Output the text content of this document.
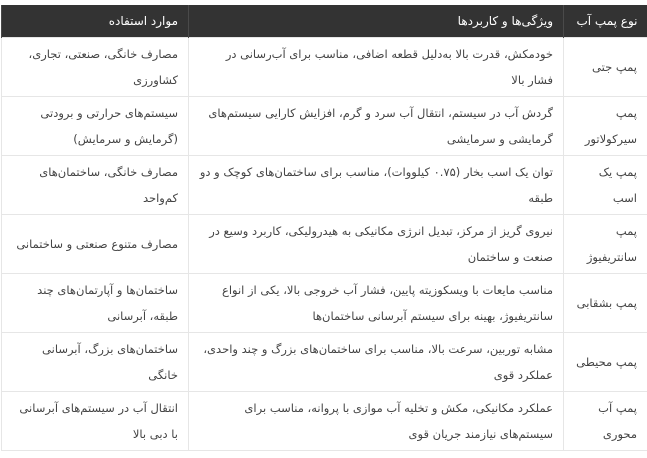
نوع پمپ آب	ویژگی‌ها و کاربردها	موارد استفاده
پمپ جتی	خودمکش، قدرت بالا به‌دلیل قطعه اضافی، مناسب برای آب‌رسانی در فشار بالا	مصارف خانگی، صنعتی، تجاری، کشاورزی
پمپ سیرکولاتور	گردش آب در سیستم، انتقال آب سرد و گرم، افزایش کارایی سیستم‌های گرمایشی و سرمایشی	سیستم‌های حرارتی و برودتی (گرمایش و سرمایش)
پمپ یک اسب	توان یک اسب بخار (۰.۷۵ کیلووات)، مناسب برای ساختمان‌های کوچک و دو طبقه	مصارف خانگی، ساختمان‌های کم‌واحد
پمپ سانتریفیوژ	نیروی گریز از مرکز، تبدیل انرژی مکانیکی به هیدرولیکی، کاربرد وسیع در صنعت و ساختمان	مصارف متنوع صنعتی و ساختمانی
پمپ بشقابی	مناسب مایعات با ویسکوزیته پایین، فشار آب خروجی بالا، یکی از انواع سانتریفیوژ، بهینه برای سیستم آبرسانی ساختمان‌ها	ساختمان‌ها و آپارتمان‌های چند طبقه، آبرسانی
پمپ محیطی	مشابه توربین، سرعت بالا، مناسب برای ساختمان‌های بزرگ و چند واحدی، عملکرد قوی	ساختمان‌های بزرگ، آبرسانی خانگی
پمپ آب محوری	عملکرد مکانیکی، مکش و تخلیه آب موازی با پروانه، مناسب برای سیستم‌های نیازمند جریان قوی	انتقال آب در سیستم‌های آبرسانی با دبی بالا
